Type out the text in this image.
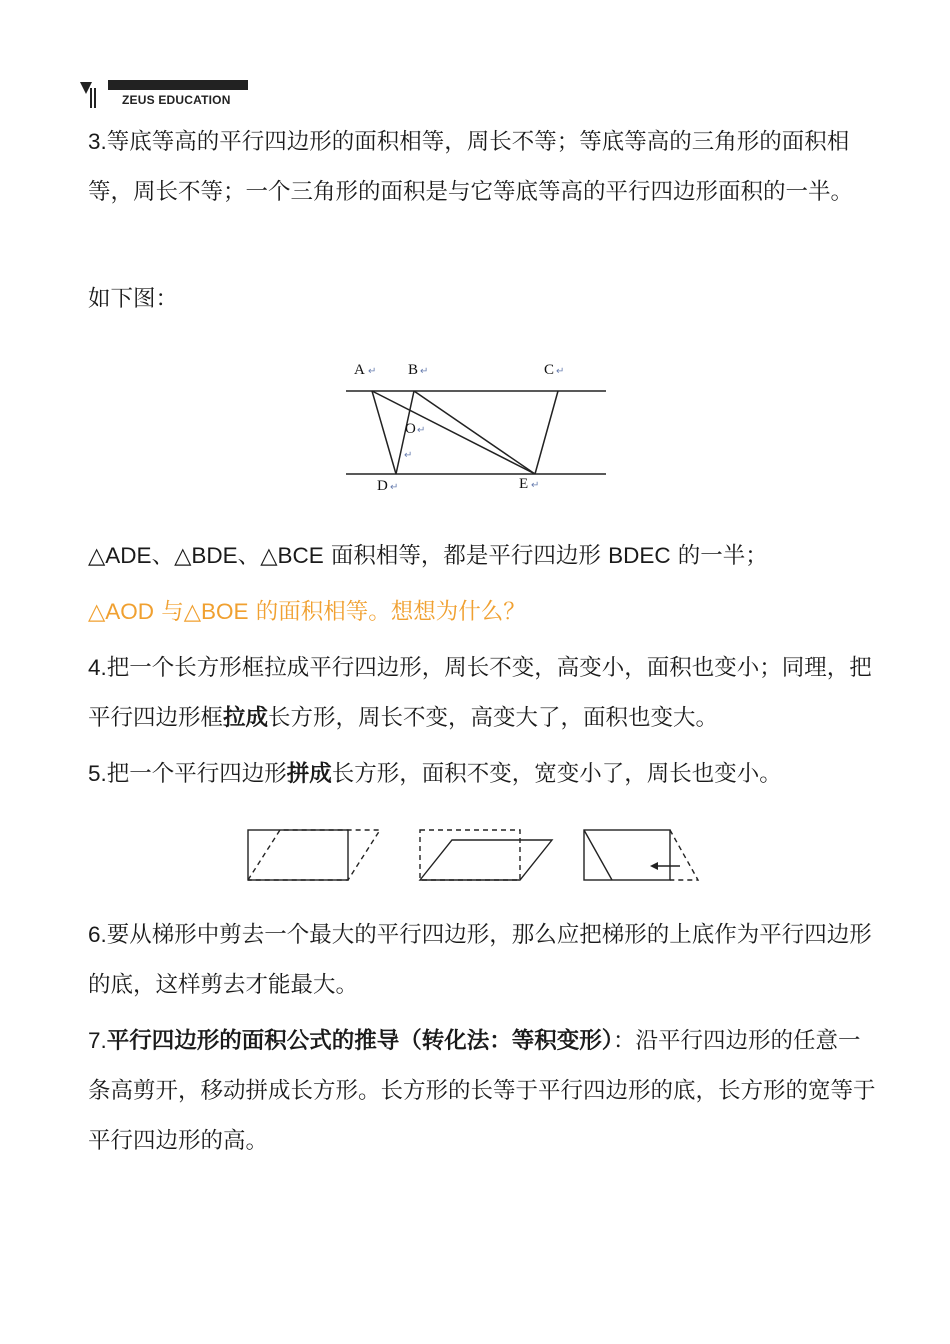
ZEUS EDUCATION

3.等底等高的平行四边形的面积相等，周长不等；等底等高的三角形的面积相等，周长不等；一个三角形的面积是与它等底等高的平行四边形面积的一半。

如下图：

A ↵ B ↵	C ↵
O ↵
↵
D ↵	E ↵

△ADE、△BDE、△BCE 面积相等，都是平行四边形 BDEC 的一半；

△AOD 与△BOE 的面积相等。想想为什么？

4.把一个长方形框拉成平行四边形，周长不变，高变小，面积也变小；同理，把平行四边形框拉成长方形，周长不变，高变大了，面积也变大。

5.把一个平行四边形拼成长方形，面积不变，宽变小了，周长也变小。

6.要从梯形中剪去一个最大的平行四边形，那么应把梯形的上底作为平行四边形的底，这样剪去才能最大。

7.平行四边形的面积公式的推导（转化法：等积变形）：沿平行四边形的任意一条高剪开，移动拼成长方形。长方形的长等于平行四边形的底，长方形的宽等于平行四边形的高。
